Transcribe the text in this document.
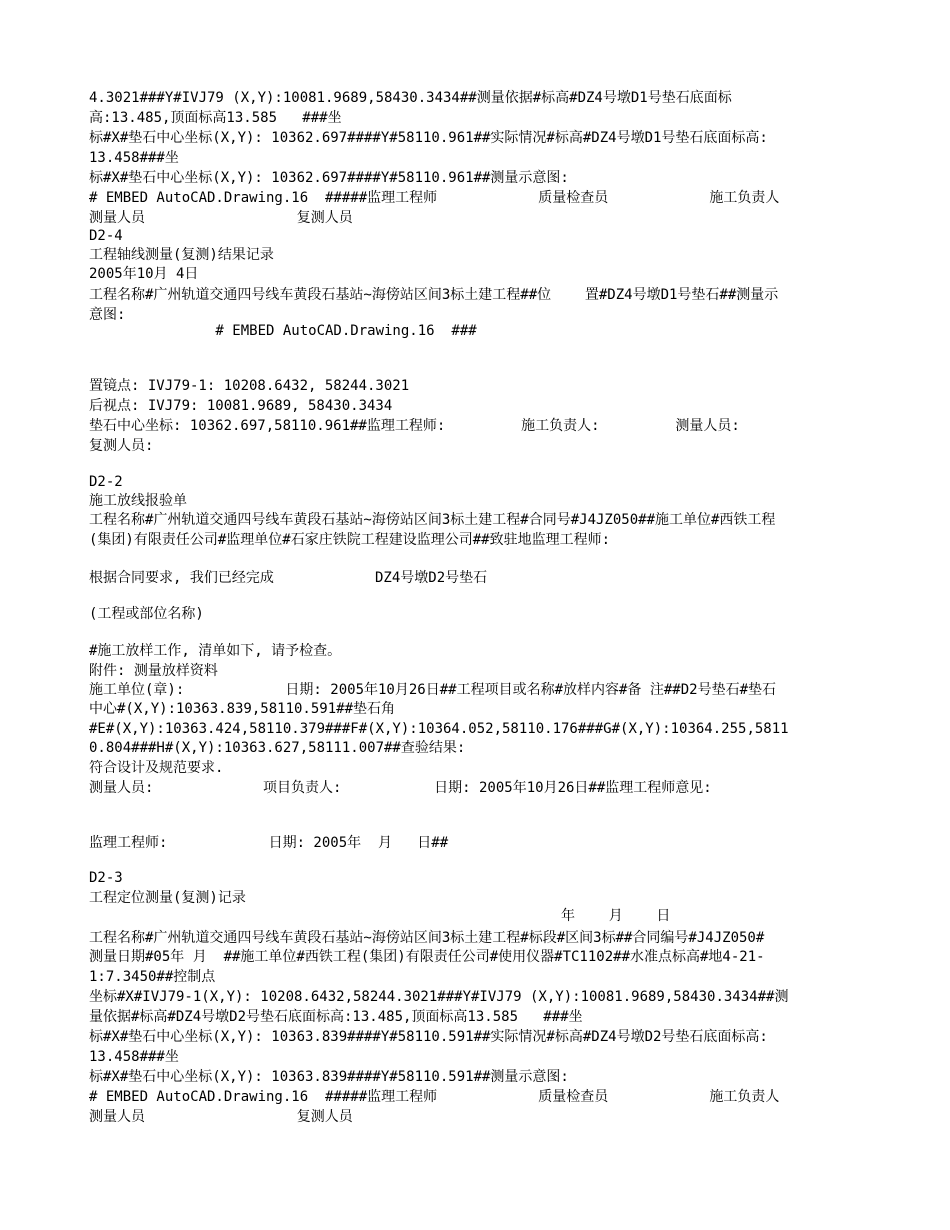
4.3021###Y#IVJ79 (X,Y):10081.9689,58430.3434##测量依据#标高#DZ4号墩D1号垫石底面标
高:13.485,顶面标高13.585   ###坐
标#X#垫石中心坐标(X,Y): 10362.697####Y#58110.961##实际情况#标高#DZ4号墩D1号垫石底面标高:
13.458###坐
标#X#垫石中心坐标(X,Y): 10362.697####Y#58110.961##测量示意图:
# EMBED AutoCAD.Drawing.16  #####监理工程师            质量检查员            施工负责人
测量人员                  复测人员
D2-4
工程轴线测量(复测)结果记录
2005年10月 4日
工程名称#广州轨道交通四号线车黄段石基站~海傍站区间3标土建工程##位    置#DZ4号墩D1号垫石##测量示
意图:
# EMBED AutoCAD.Drawing.16  ###
置镜点: IVJ79-1: 10208.6432, 58244.3021
后视点: IVJ79: 10081.9689, 58430.3434
垫石中心坐标: 10362.697,58110.961##监理工程师:         施工负责人:         测量人员:
复测人员:
D2-2
施工放线报验单
工程名称#广州轨道交通四号线车黄段石基站~海傍站区间3标土建工程#合同号#J4JZ050##施工单位#西铁工程
(集团)有限责任公司#监理单位#石家庄铁院工程建设监理公司##致驻地监理工程师:
根据合同要求, 我们已经完成            DZ4号墩D2号垫石
(工程或部位名称)
#施工放样工作, 清单如下, 请予检查。
附件: 测量放样资料
施工单位(章):            日期: 2005年10月26日##工程项目或名称#放样内容#备 注##D2号垫石#垫石
中心#(X,Y):10363.839,58110.591##垫石角
#E#(X,Y):10363.424,58110.379###F#(X,Y):10364.052,58110.176###G#(X,Y):10364.255,5811
0.804###H#(X,Y):10363.627,58111.007##查验结果:
符合设计及规范要求.
测量人员:             项目负责人:           日期: 2005年10月26日##监理工程师意见:
监理工程师:            日期: 2005年  月   日##
D2-3
工程定位测量(复测)记录
年    月    日
工程名称#广州轨道交通四号线车黄段石基站~海傍站区间3标土建工程#标段#区间3标##合同编号#J4JZ050#
测量日期#05年 月  ##施工单位#西铁工程(集团)有限责任公司#使用仪器#TC1102##水准点标高#地4-21-
1:7.3450##控制点
坐标#X#IVJ79-1(X,Y): 10208.6432,58244.3021###Y#IVJ79 (X,Y):10081.9689,58430.3434##测
量依据#标高#DZ4号墩D2号垫石底面标高:13.485,顶面标高13.585   ###坐
标#X#垫石中心坐标(X,Y): 10363.839####Y#58110.591##实际情况#标高#DZ4号墩D2号垫石底面标高:
13.458###坐
标#X#垫石中心坐标(X,Y): 10363.839####Y#58110.591##测量示意图:
# EMBED AutoCAD.Drawing.16  #####监理工程师            质量检查员            施工负责人
测量人员                  复测人员
